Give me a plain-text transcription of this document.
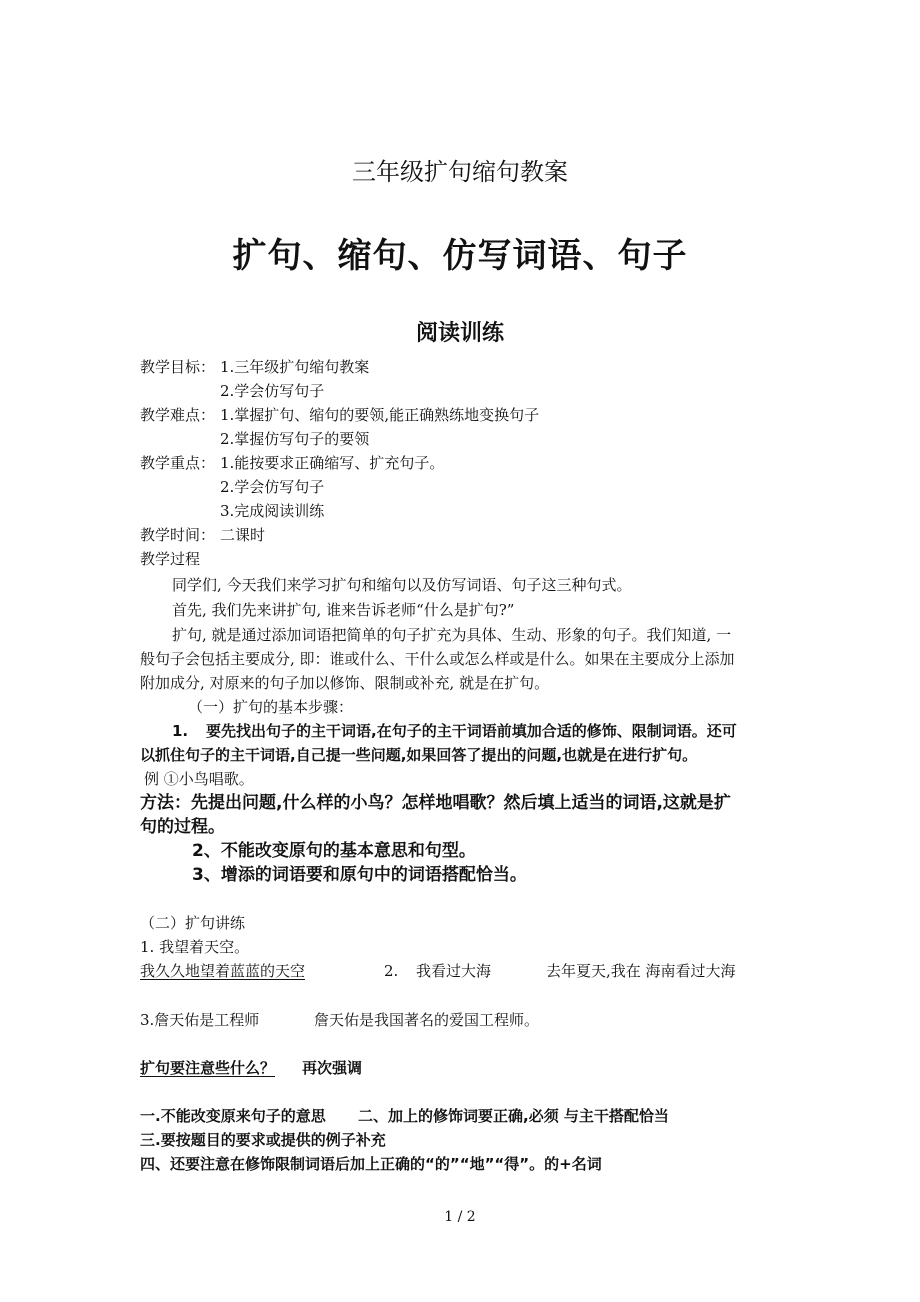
三年级扩句缩句教案
扩句、缩句、仿写词语、句子
阅读训练
教学目标： 1.三年级扩句缩句教案
2.学会仿写句子
教学难点： 1.掌握扩句、缩句的要领,能正确熟练地变换句子
2.掌握仿写句子的要领
教学重点： 1.能按要求正确缩写、扩充句子。
2.学会仿写句子
3.完成阅读训练
教学时间： 二课时
教学过程
同学们, 今天我们来学习扩句和缩句以及仿写词语、句子这三种句式。
首先, 我们先来讲扩句, 谁来告诉老师“什么是扩句?”
扩句, 就是通过添加词语把简单的句子扩充为具体、生动、形象的句子。我们知道, 一
般句子会包括主要成分, 即：谁或什么、干什么或怎么样或是什么。如果在主要成分上添加
附加成分, 对原来的句子加以修饰、限制或补充, 就是在扩句。
（一）扩句的基本步骤：
1. 要先找出句子的主干词语,在句子的主干词语前填加合适的修饰、限制词语。还可
以抓住句子的主干词语,自己提一些问题,如果回答了提出的问题,也就是在进行扩句。
例 ①小鸟唱歌。
方法：先提出问题,什么样的小鸟？怎样地唱歌？然后填上适当的词语,这就是扩
句的过程。
2、不能改变原句的基本意思和句型。
3、增添的词语要和原句中的词语搭配恰当。
（二）扩句讲练
1. 我望着天空。
我久久地望着蓝蓝的天空	2. 我看过大海	去年夏天,我在 海南看过大海
3.詹天佑是工程师	詹天佑是我国著名的爱国工程师。
扩句要注意些什么？ 再次强调
一.不能改变原来句子的意思 二、加上的修饰词要正确,必须 与主干搭配恰当
三.要按题目的要求或提供的例子补充
四、还要注意在修饰限制词语后加上正确的“的”“地”“得”。的+名词
1 / 2
